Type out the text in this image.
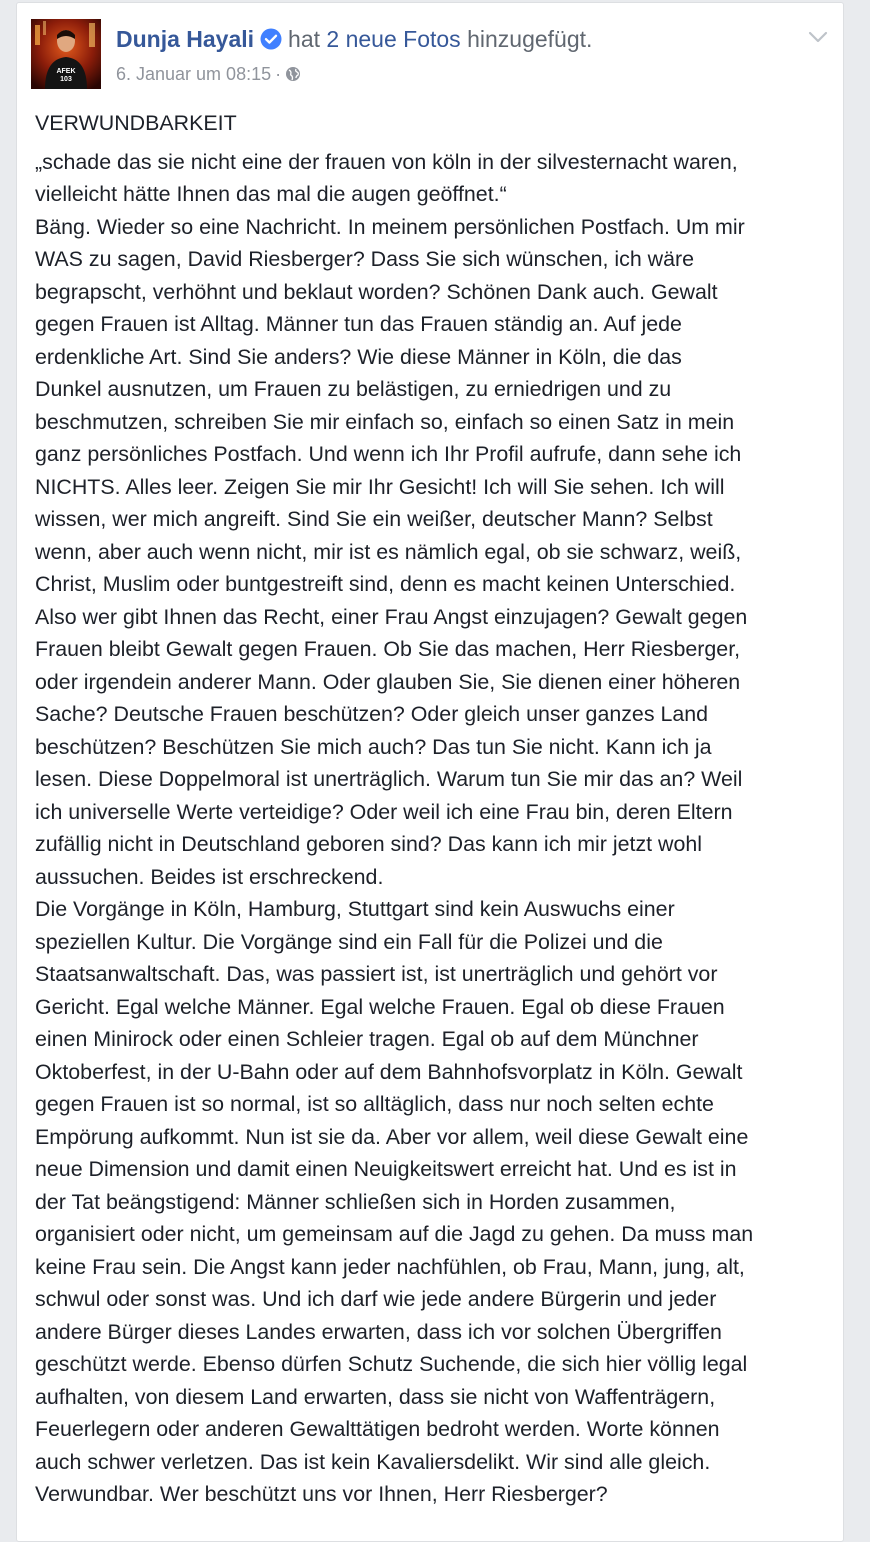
AFEK 103
Dunja Hayali hat 2 neue Fotos hinzugefügt.
6. Januar um 08:15 ·
VERWUNDBARKEIT
„schade das sie nicht eine der frauen von köln in der silvesternacht waren,
vielleicht hätte Ihnen das mal die augen geöffnet.“
Bäng. Wieder so eine Nachricht. In meinem persönlichen Postfach. Um mir
WAS zu sagen, David Riesberger? Dass Sie sich wünschen, ich wäre
begrapscht, verhöhnt und beklaut worden? Schönen Dank auch. Gewalt
gegen Frauen ist Alltag. Männer tun das Frauen ständig an. Auf jede
erdenkliche Art. Sind Sie anders? Wie diese Männer in Köln, die das
Dunkel ausnutzen, um Frauen zu belästigen, zu erniedrigen und zu
beschmutzen, schreiben Sie mir einfach so, einfach so einen Satz in mein
ganz persönliches Postfach. Und wenn ich Ihr Profil aufrufe, dann sehe ich
NICHTS. Alles leer. Zeigen Sie mir Ihr Gesicht! Ich will Sie sehen. Ich will
wissen, wer mich angreift. Sind Sie ein weißer, deutscher Mann? Selbst
wenn, aber auch wenn nicht, mir ist es nämlich egal, ob sie schwarz, weiß,
Christ, Muslim oder buntgestreift sind, denn es macht keinen Unterschied.
Also wer gibt Ihnen das Recht, einer Frau Angst einzujagen? Gewalt gegen
Frauen bleibt Gewalt gegen Frauen. Ob Sie das machen, Herr Riesberger,
oder irgendein anderer Mann. Oder glauben Sie, Sie dienen einer höheren
Sache? Deutsche Frauen beschützen? Oder gleich unser ganzes Land
beschützen? Beschützen Sie mich auch? Das tun Sie nicht. Kann ich ja
lesen. Diese Doppelmoral ist unerträglich. Warum tun Sie mir das an? Weil
ich universelle Werte verteidige? Oder weil ich eine Frau bin, deren Eltern
zufällig nicht in Deutschland geboren sind? Das kann ich mir jetzt wohl
aussuchen. Beides ist erschreckend.
Die Vorgänge in Köln, Hamburg, Stuttgart sind kein Auswuchs einer
speziellen Kultur. Die Vorgänge sind ein Fall für die Polizei und die
Staatsanwaltschaft. Das, was passiert ist, ist unerträglich und gehört vor
Gericht. Egal welche Männer. Egal welche Frauen. Egal ob diese Frauen
einen Minirock oder einen Schleier tragen. Egal ob auf dem Münchner
Oktoberfest, in der U-Bahn oder auf dem Bahnhofsvorplatz in Köln. Gewalt
gegen Frauen ist so normal, ist so alltäglich, dass nur noch selten echte
Empörung aufkommt. Nun ist sie da. Aber vor allem, weil diese Gewalt eine
neue Dimension und damit einen Neuigkeitswert erreicht hat. Und es ist in
der Tat beängstigend: Männer schließen sich in Horden zusammen,
organisiert oder nicht, um gemeinsam auf die Jagd zu gehen. Da muss man
keine Frau sein. Die Angst kann jeder nachfühlen, ob Frau, Mann, jung, alt,
schwul oder sonst was. Und ich darf wie jede andere Bürgerin und jeder
andere Bürger dieses Landes erwarten, dass ich vor solchen Übergriffen
geschützt werde. Ebenso dürfen Schutz Suchende, die sich hier völlig legal
aufhalten, von diesem Land erwarten, dass sie nicht von Waffenträgern,
Feuerlegern oder anderen Gewalttätigen bedroht werden. Worte können
auch schwer verletzen. Das ist kein Kavaliersdelikt. Wir sind alle gleich.
Verwundbar. Wer beschützt uns vor Ihnen, Herr Riesberger?
